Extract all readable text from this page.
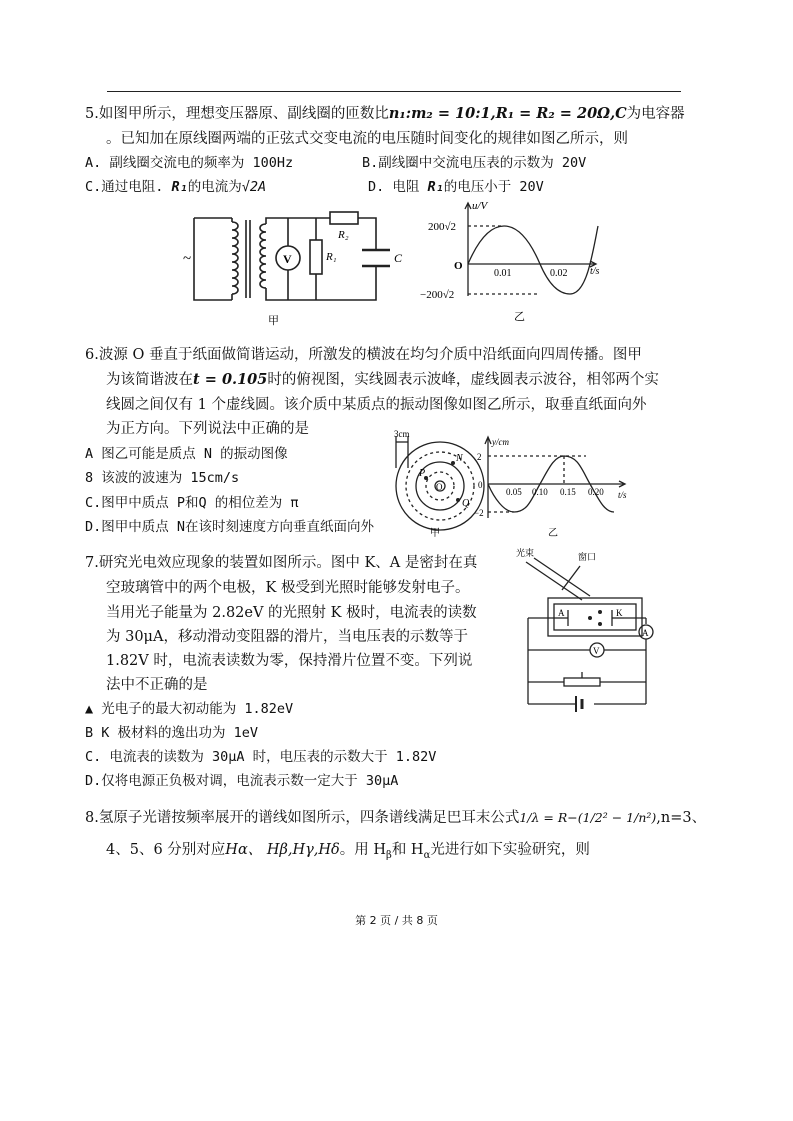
5.如图甲所示，理想变压器原、副线圈的匝数比n₁:m₂ = 10:1,R₁ = R₂ = 20Ω,C为电容器
。已知加在原线圈两端的正弦式交变电流的电压随时间变化的规律如图乙所示，则
A. 副线圈交流电的频率为 100Hz	B.副线圈中交流电压表的示数为 20V
C.通过电阻. R₁的电流为√2A	D. 电阻 R₁的电压小于 20V
~	V
R₂
R₁	C
甲
u/V
t/s
200√2
−200√2
O
0.01	0.02
乙
6.波源 O 垂直于纸面做简谐运动，所激发的横波在均匀介质中沿纸面向四周传播。图甲
为该简谐波在t = 0.105时的俯视图，实线圆表示波峰，虚线圆表示波谷，相邻两个实
线圆之间仅有 1 个虚线圆。该介质中某质点的振动图像如图乙所示，取垂直纸面向外
为正方向。下列说法中正确的是
A 图乙可能是质点 N 的振动图像
8 该波的波速为 15cm/s
C.图甲中质点 P和Q 的相位差为 π
D.图甲中质点 N在该时刻速度方向垂直纸面向外
3cm
N
P
Q
O
甲
y/cm
t/s
2
−2
0
0.05 0.10 0.15 0.20
乙
7.研究光电效应现象的装置如图所示。图中 K、A 是密封在真
空玻璃管中的两个电极，K 极受到光照时能够发射电子。
当用光子能量为 2.82eV 的光照射 K 极时，电流表的读数
为 30μA，移动滑动变阻器的滑片，当电压表的示数等于
1.82V 时，电流表读数为零，保持滑片位置不变。下列说
法中不正确的是
▲ 光电子的最大初动能为 1.82eV
B K 极材料的逸出功为 1eV
C. 电流表的读数为 30μA 时，电压表的示数大于 1.82V
D.仅将电源正负极对调，电流表示数一定大于 30μA
光束	窗口
A	K
A
V
8.氢原子光谱按频率展开的谱线如图所示，四条谱线满足巴耳末公式1/λ = R−(1/2² − 1/n²),n=3、
4、5、6 分别对应Hα、 Hβ,Hγ,Hδ。用 $H_\beta$和 $H_\alpha$光进行如下实验研究，则
第 2 页 / 共 8 页
